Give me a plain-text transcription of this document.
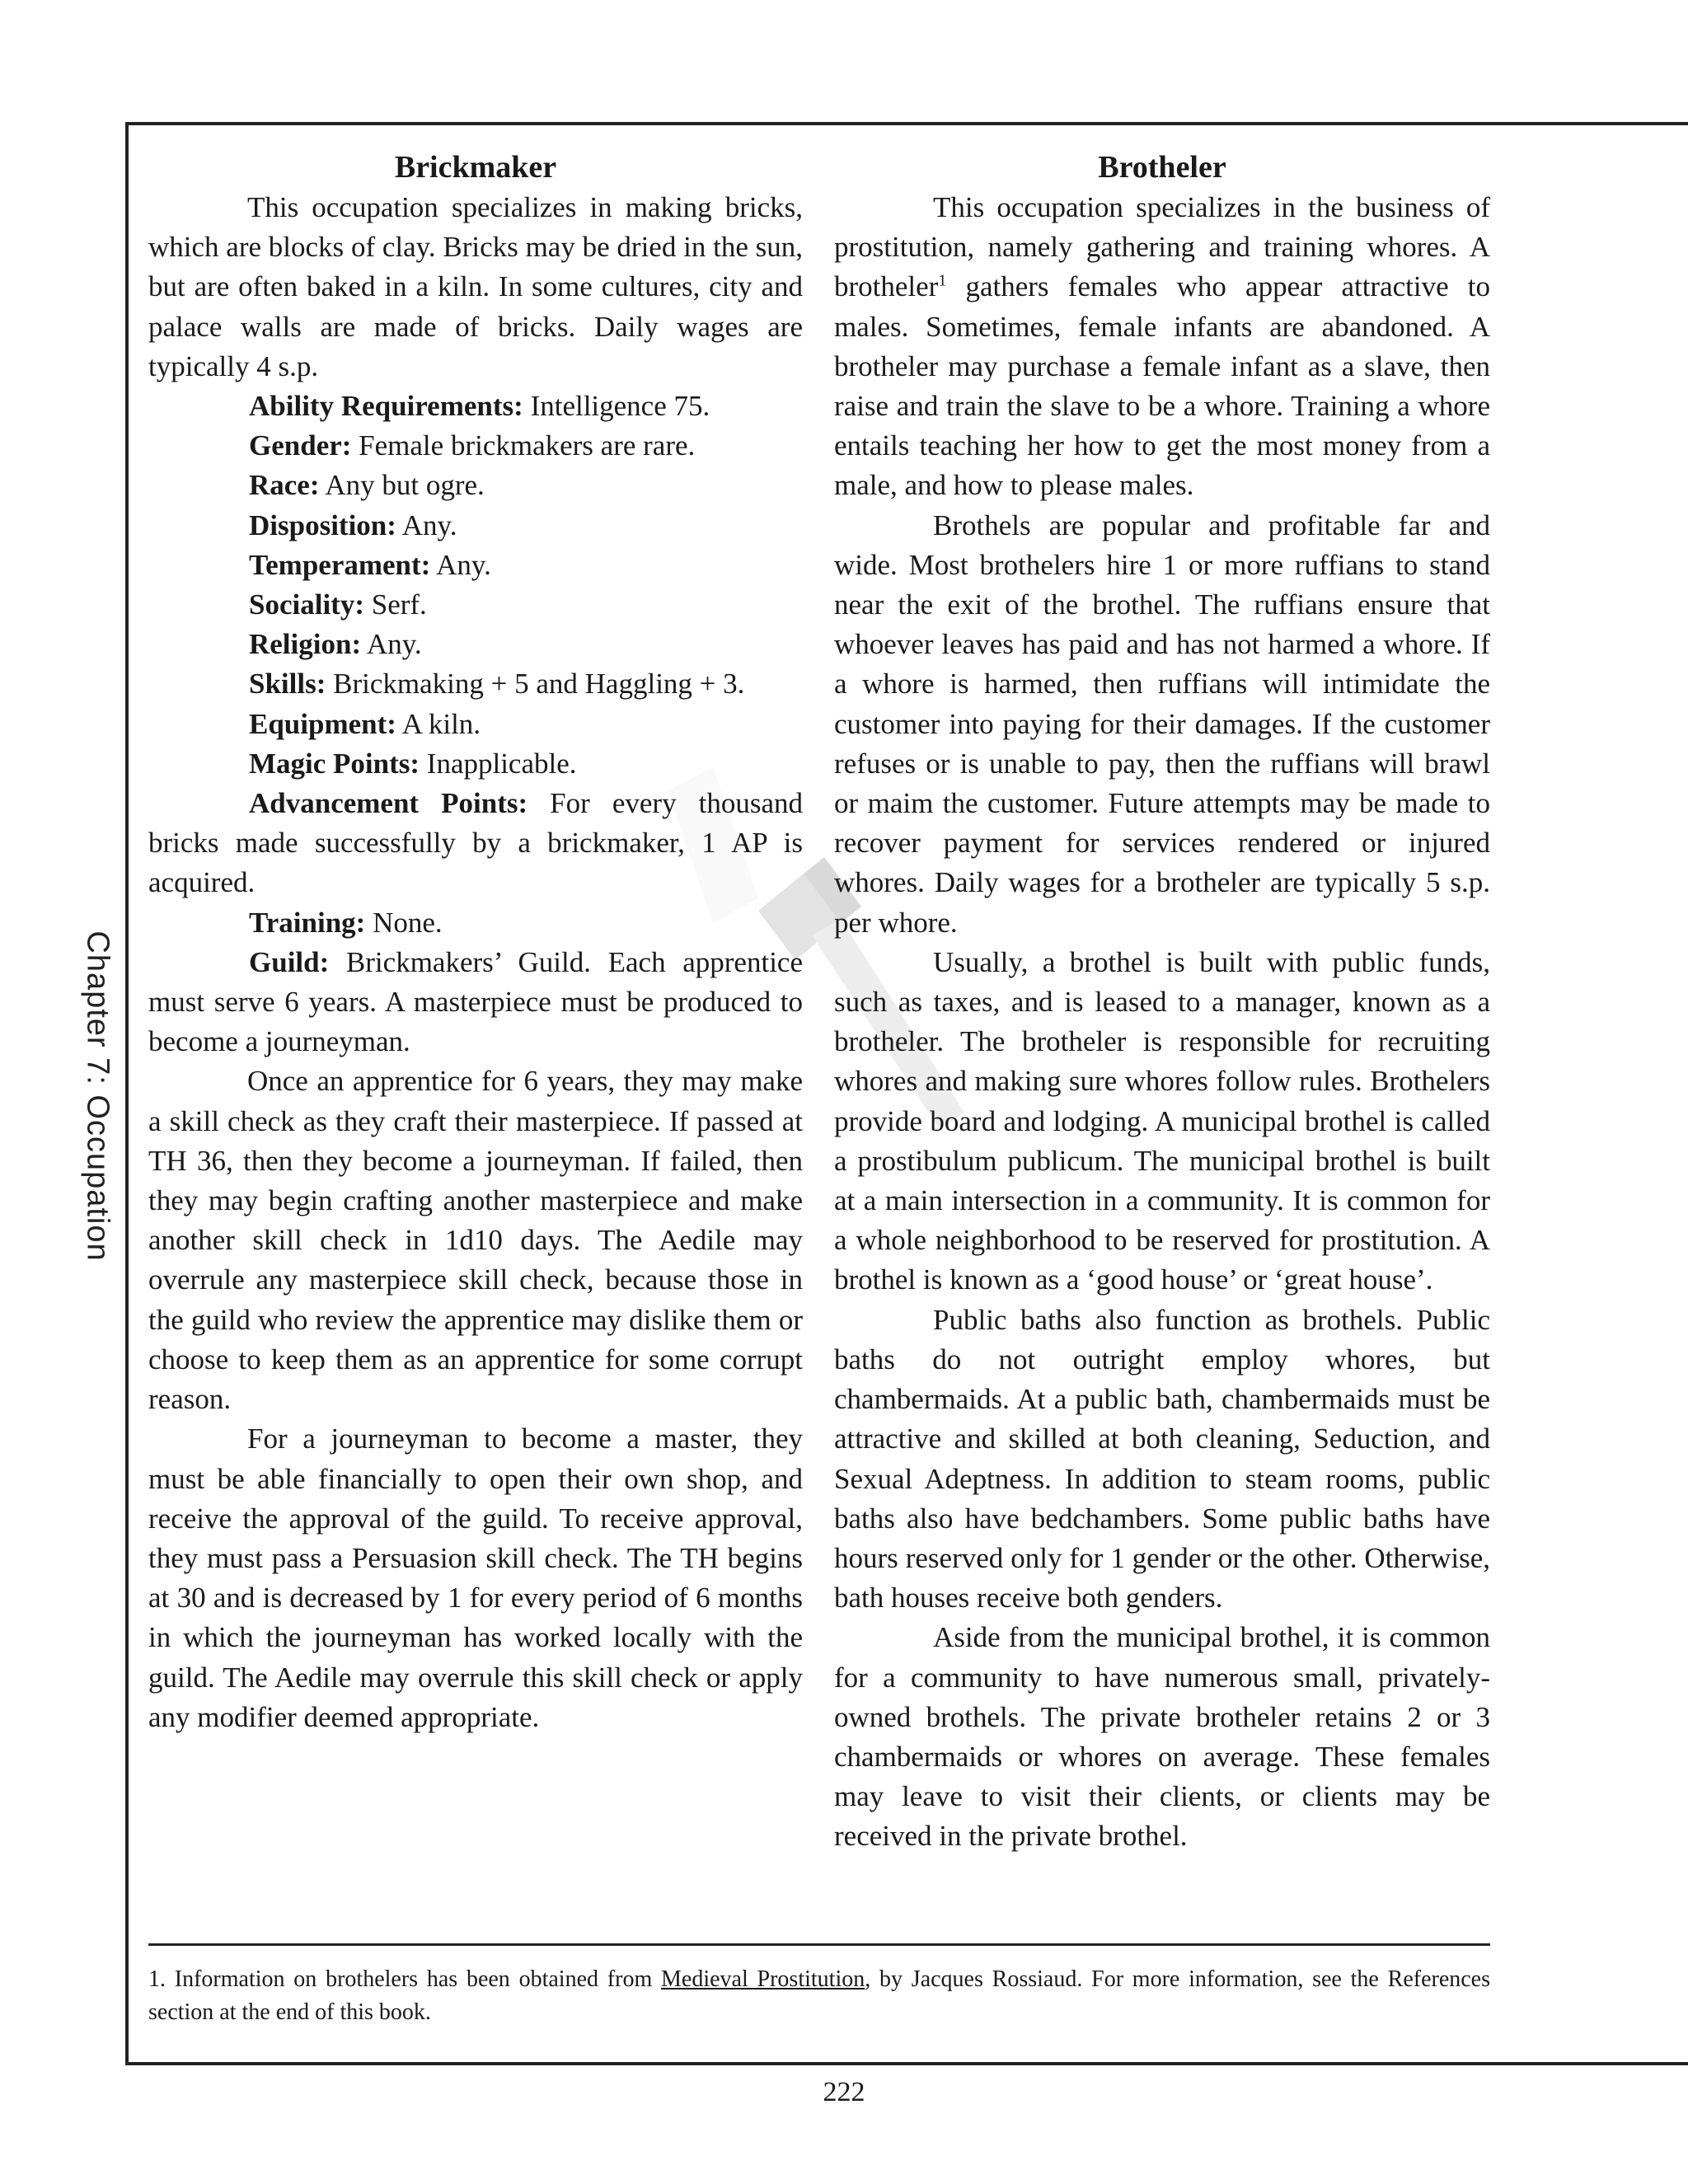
Chapter 7: Occupation
Brickmaker

This occupation specializes in making bricks, which are blocks of clay. Bricks may be dried in the sun, but are often baked in a kiln. In some cultures, city and palace walls are made of bricks. Daily wages are typically 4 s.p.

Ability Requirements: Intelligence 75.

Gender: Female brickmakers are rare.

Race: Any but ogre.

Disposition: Any.

Temperament: Any.

Sociality: Serf.

Religion: Any.

Skills: Brickmaking + 5 and Haggling + 3.

Equipment: A kiln.

Magic Points: Inapplicable.

Advancement Points: For every thousand bricks made successfully by a brickmaker, 1 AP is acquired.

Training: None.

Guild: Brickmakers’ Guild. Each apprentice must serve 6 years. A masterpiece must be produced to become a journeyman.

Once an apprentice for 6 years, they may make a skill check as they craft their masterpiece. If passed at TH 36, then they become a journeyman. If failed, then they may begin crafting another masterpiece and make another skill check in 1d10 days. The Aedile may overrule any masterpiece skill check, because those in the guild who review the apprentice may dislike them or choose to keep them as an apprentice for some corrupt reason.

For a journeyman to become a master, they must be able financially to open their own shop, and receive the approval of the guild. To receive approval, they must pass a Persuasion skill check. The TH begins at 30 and is decreased by 1 for every period of 6 months in which the journeyman has worked locally with the guild. The Aedile may overrule this skill check or apply any modifier deemed appropriate.

Brotheler

This occupation specializes in the business of prostitution, namely gathering and training whores. A brotheler$^1$ gathers females who appear attractive to males. Sometimes, female infants are abandoned. A brotheler may purchase a female infant as a slave, then raise and train the slave to be a whore. Training a whore entails teaching her how to get the most money from a male, and how to please males.

Brothels are popular and profitable far and wide. Most brothelers hire 1 or more ruffians to stand near the exit of the brothel. The ruffians ensure that whoever leaves has paid and has not harmed a whore. If a whore is harmed, then ruffians will intimidate the customer into paying for their damages. If the customer refuses or is unable to pay, then the ruffians will brawl or maim the customer. Future attempts may be made to recover payment for services rendered or injured whores. Daily wages for a brotheler are typically 5 s.p. per whore.

Usually, a brothel is built with public funds, such as taxes, and is leased to a manager, known as a brotheler. The brotheler is responsible for recruiting whores and making sure whores follow rules. Brothelers provide board and lodging. A municipal brothel is called a prostibulum publicum. The municipal brothel is built at a main intersection in a community. It is common for a whole neighborhood to be reserved for prostitution. A brothel is known as a ‘good house’ or ‘great house’.

Public baths also function as brothels. Public baths do not outright employ whores, but chambermaids. At a public bath, chambermaids must be attractive and skilled at both cleaning, Seduction, and Sexual Adeptness. In addition to steam rooms, public baths also have bedchambers. Some public baths have hours reserved only for 1 gender or the other. Otherwise, bath houses receive both genders.

Aside from the municipal brothel, it is common for a community to have numerous small, privately-owned brothels. The private brotheler retains 2 or 3 chambermaids or whores on average. These females may leave to visit their clients, or clients may be received in the private brothel.

1. Information on brothelers has been obtained from Medieval Prostitution, by Jacques Rossiaud. For more information, see the References section at the end of this book.
222
